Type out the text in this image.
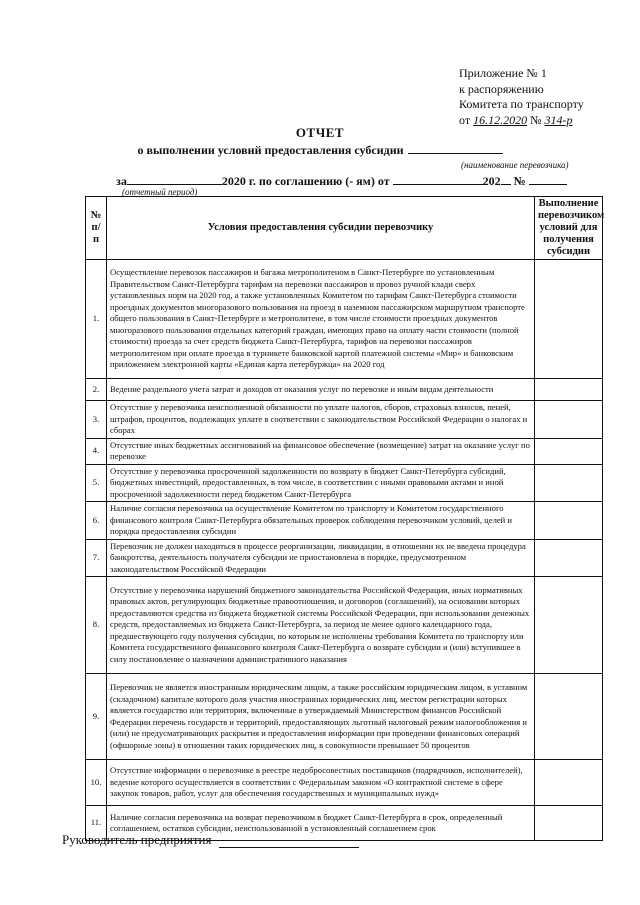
Приложение № 1
к распоряжению
Комитета по транспорту
от 16.12.2020 № 314-р
ОТЧЕТ
о выполнении условий предоставления субсидии
(наименование перевозчика)
за	2020 г. по соглашению (- ям) от	202 №
(отчетный период)
№ п/п	Условия предоставления субсидии перевозчику	Выполнение перевозчиком условий для получения субсидии
1.	Осуществление перевозок пассажиров и багажа метрополитеном в Санкт-Петербурге по установленным Правительством Санкт-Петербурга тарифам на перевозки пассажиров и провоз ручной клади сверх установленных норм на 2020 год, а также установленных Комитетом по тарифам Санкт-Петербурга стоимости проездных документов многоразового пользования на проезд в наземном пассажирском маршрутном транспорте общего пользования в Санкт-Петербурге и метрополитене, в том числе стоимости проездных документов многоразового пользования отдельных категорий граждан, имеющих право на оплату части стоимости (полной стоимости) проезда за счет средств бюджета Санкт-Петербурга, тарифов на перевозки пассажиров метрополитеном при оплате проезда в турникете банковской картой платежной системы «Мир» и банковским приложением электронной карты «Единая карта петербуржца» на 2020 год	
2.	Ведение раздельного учета затрат и доходов от оказания услуг по перевозке и иным видам деятельности	
3.	Отсутствие у перевозчика неисполненной обязанности по уплате налогов, сборов, страховых взносов, пеней, штрафов, процентов, подлежащих уплате в соответствии с законодательством Российской Федерации о налогах и сборах	
4.	Отсутствие иных бюджетных ассигнований на финансовое обеспечение (возмещение) затрат на оказание услуг по перевозке	
5.	Отсутствие у перевозчика просроченной задолженности по возврату в бюджет Санкт-Петербурга субсидий, бюджетных инвестиций, предоставленных, в том числе, в соответствии с иными правовыми актами и иной просроченной задолженности перед бюджетом Санкт-Петербурга	
6.	Наличие согласия перевозчика на осуществление Комитетом по транспорту и Комитетом государственного финансового контроля Санкт-Петербурга обязательных проверок соблюдения перевозчиком условий, целей и порядка предоставления субсидии	
7.	Перевозчик не должен находиться в процессе реорганизации, ликвидации, в отношении их не введена процедура банкротства, деятельность получателя субсидии не приостановлена в порядке, предусмотренном законодательством Российской Федерации	
8.	Отсутствие у перевозчика нарушений бюджетного законодательства Российской Федерации, иных нормативных правовых актов, регулирующих бюджетные правоотношения, и договоров (соглашений), на основании которых предоставляются средства из бюджета бюджетной системы Российской Федерации, при использовании денежных средств, предоставляемых из бюджета Санкт-Петербурга, за период не менее одного календарного года, предшествующего году получения субсидии, по которым не исполнены требования Комитета по транспорту или Комитета государственного финансового контроля Санкт-Петербурга о возврате субсидии и (или) вступившее в силу постановление о назначении административного наказания	
9.	Перевозчик не является иностранным юридическим лицом, а также российским юридическим лицом, в уставном (складочном) капитале которого доля участия иностранных юридических лиц, местом регистрации которых является государство или территория, включенные в утверждаемый Министерством финансов Российской Федерации перечень государств и территорий, предоставляющих льготный налоговый режим налогообложения и (или) не предусматривающих раскрытия и предоставления информации при проведении финансовых операций (офшорные зоны) в отношении таких юридических лиц, в совокупности превышает 50 процентов	
10.	Отсутствие информации о перевозчике в реестре недобросовестных поставщиков (подрядчиков, исполнителей), ведение которого осуществляется в соответствии с Федеральным законом «О контрактной системе в сфере закупок товаров, работ, услуг для обеспечения государственных и муниципальных нужд»	
11.	Наличие согласия перевозчика на возврат перевозчиком в бюджет Санкт-Петербурга в срок, определенный соглашением, остатков субсидии, неиспользованной в установленный соглашением срок	
Руководитель предприятия
